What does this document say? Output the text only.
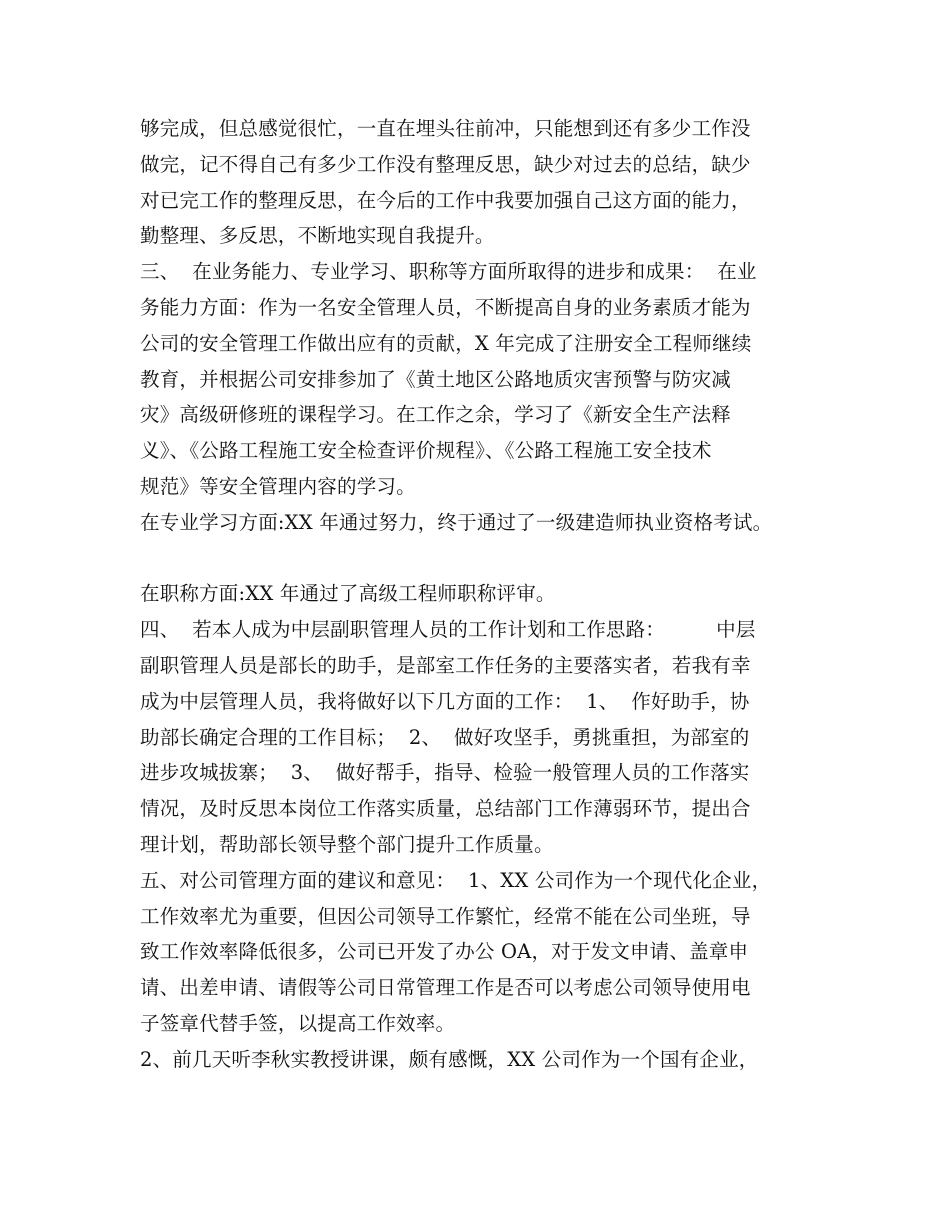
够完成，但总感觉很忙，一直在埋头往前冲，只能想到还有多少工作没
做完，记不得自己有多少工作没有整理反思，缺少对过去的总结，缺少
对已完工作的整理反思，在今后的工作中我要加强自己这方面的能力，
勤整理、多反思，不断地实现自我提升。
三、  在业务能力、专业学习、职称等方面所取得的进步和成果：  在业
务能力方面：作为一名安全管理人员，不断提高自身的业务素质才能为
公司的安全管理工作做出应有的贡献，X 年完成了注册安全工程师继续
教育，并根据公司安排参加了《黄土地区公路地质灾害预警与防灾减
灾》高级研修班的课程学习。在工作之余，学习了《新安全生产法释
义》、《公路工程施工安全检查评价规程》、《公路工程施工安全技术
规范》等安全管理内容的学习。
在专业学习方面:XX 年通过努力，终于通过了一级建造师执业资格考试。
在职称方面:XX 年通过了高级工程师职称评审。
四、  若本人成为中层副职管理人员的工作计划和工作思路：        中层
副职管理人员是部长的助手，是部室工作任务的主要落实者，若我有幸
成为中层管理人员，我将做好以下几方面的工作：  1、  作好助手，协
助部长确定合理的工作目标；  2、  做好攻坚手，勇挑重担，为部室的
进步攻城拔寨；  3、  做好帮手，指导、检验一般管理人员的工作落实
情况，及时反思本岗位工作落实质量，总结部门工作薄弱环节，提出合
理计划，帮助部长领导整个部门提升工作质量。
五、对公司管理方面的建议和意见：  1、XX 公司作为一个现代化企业，
工作效率尤为重要，但因公司领导工作繁忙，经常不能在公司坐班，导
致工作效率降低很多，公司已开发了办公 OA，对于发文申请、盖章申
请、出差申请、请假等公司日常管理工作是否可以考虑公司领导使用电
子签章代替手签，以提高工作效率。
2、前几天听李秋实教授讲课，颇有感慨，XX 公司作为一个国有企业，
